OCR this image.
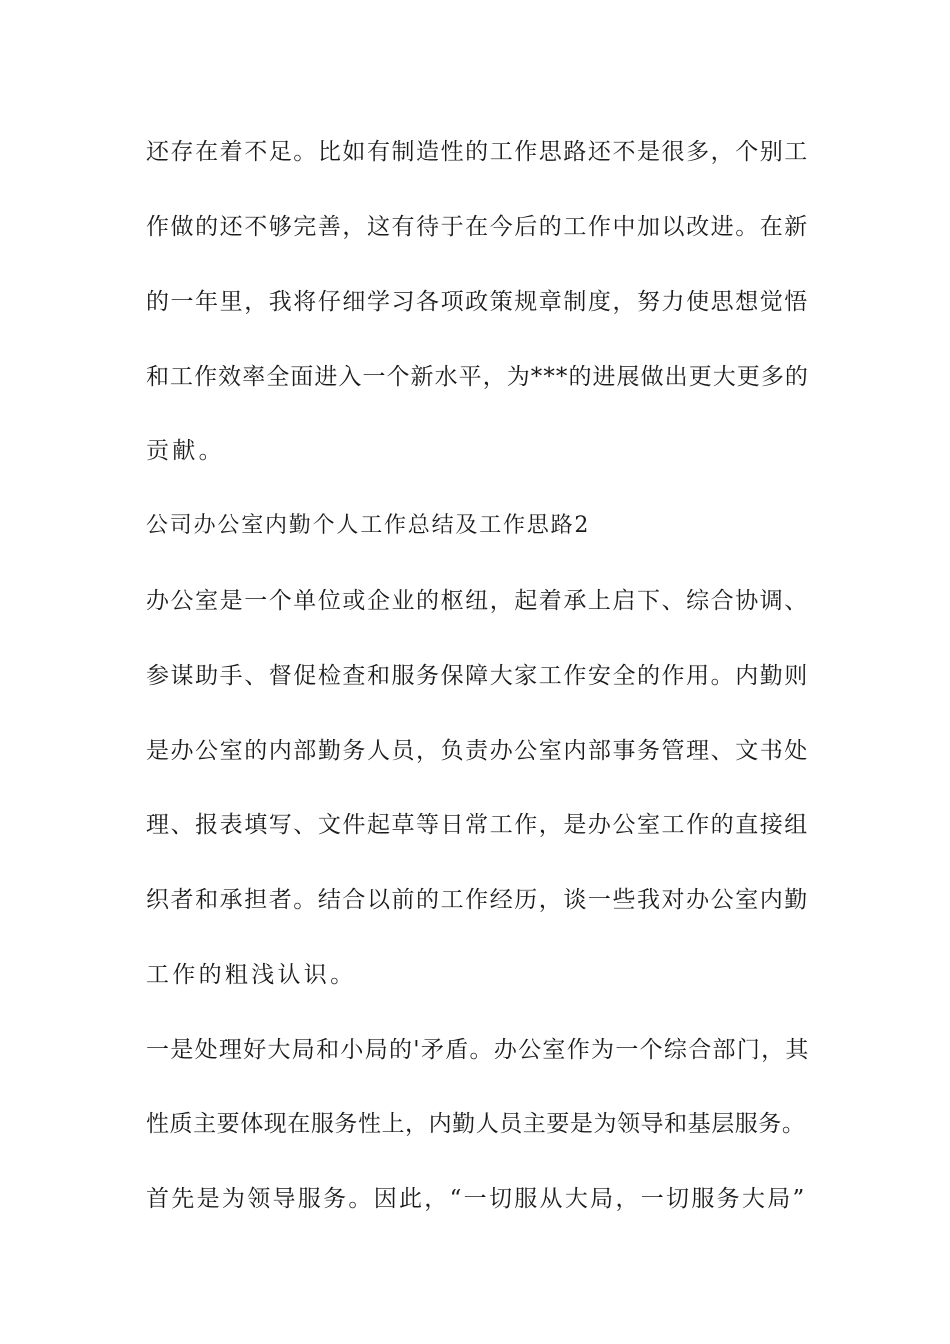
还存在着不足。比如有制造性的工作思路还不是很多，个别工

作做的还不够完善，这有待于在今后的工作中加以改进。在新

的一年里，我将仔细学习各项政策规章制度，努力使思想觉悟

和工作效率全面进入一个新水平，为***的进展做出更大更多的

贡献。

公司办公室内勤个人工作总结及工作思路2

办公室是一个单位或企业的枢纽，起着承上启下、综合协调、

参谋助手、督促检查和服务保障大家工作安全的作用。内勤则

是办公室的内部勤务人员，负责办公室内部事务管理、文书处

理、报表填写、文件起草等日常工作，是办公室工作的直接组

织者和承担者。结合以前的工作经历，谈一些我对办公室内勤

工作的粗浅认识。

一是处理好大局和小局的'矛盾。办公室作为一个综合部门，其

性质主要体现在服务性上，内勤人员主要是为领导和基层服务。

首先是为领导服务。因此，“一切服从大局，一切服务大局”
